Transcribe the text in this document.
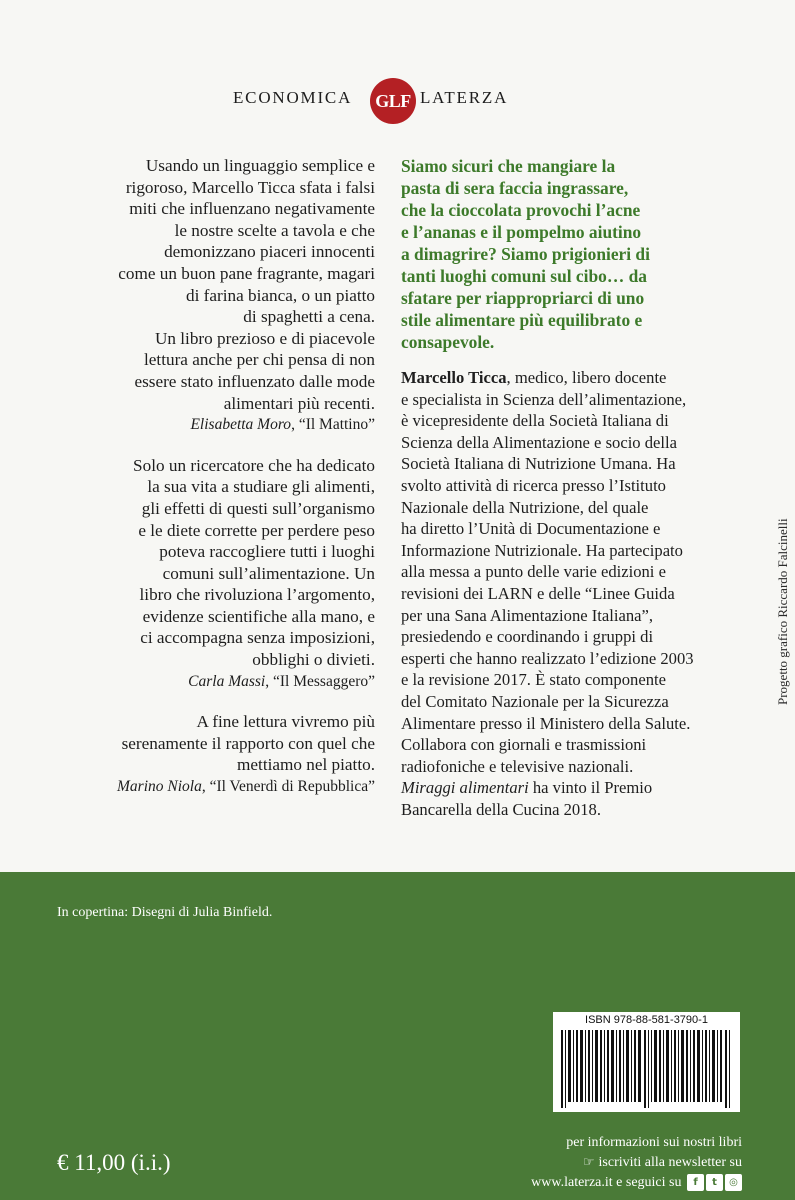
ECONOMICA GLF LATERZA

Usando un linguaggio semplice e

rigoroso, Marcello Ticca sfata i falsi

miti che influenzano negativamente

le nostre scelte a tavola e che

demonizzano piaceri innocenti

come un buon pane fragrante, magari

di farina bianca, o un piatto

di spaghetti a cena.

Un libro prezioso e di piacevole

lettura anche per chi pensa di non

essere stato influenzato dalle mode

alimentari più recenti.

Elisabetta Moro, “Il Mattino”

Solo un ricercatore che ha dedicato

la sua vita a studiare gli alimenti,

gli effetti di questi sull’organismo

e le diete corrette per perdere peso

poteva raccogliere tutti i luoghi

comuni sull’alimentazione. Un

libro che rivoluziona l’argomento,

evidenze scientifiche alla mano, e

ci accompagna senza imposizioni,

obblighi o divieti.

Carla Massi, “Il Messaggero”

A fine lettura vivremo più

serenamente il rapporto con quel che

mettiamo nel piatto.

Marino Niola, “Il Venerdì di Repubblica”

Siamo sicuri che mangiare la
pasta di sera faccia ingrassare,
che la cioccolata provochi l’acne
e l’ananas e il pompelmo aiutino
a dimagrire? Siamo prigionieri di
tanti luoghi comuni sul cibo… da
sfatare per riappropriarci di uno
stile alimentare più equilibrato e
consapevole.
Marcello Ticca, medico, libero docente
e specialista in Scienza dell’alimentazione,
è vicepresidente della Società Italiana di
Scienza della Alimentazione e socio della
Società Italiana di Nutrizione Umana. Ha
svolto attività di ricerca presso l’Istituto
Nazionale della Nutrizione, del quale
ha diretto l’Unità di Documentazione e
Informazione Nutrizionale. Ha partecipato
alla messa a punto delle varie edizioni e
revisioni dei LARN e delle “Linee Guida
per una Sana Alimentazione Italiana”,
presiedendo e coordinando i gruppi di
esperti che hanno realizzato l’edizione 2003
e la revisione 2017. È stato componente
del Comitato Nazionale per la Sicurezza
Alimentare presso il Ministero della Salute.
Collabora con giornali e trasmissioni
radiofoniche e televisive nazionali.
Miraggi alimentari ha vinto il Premio
Bancarella della Cucina 2018.
Progetto grafico Riccardo Falcinelli
In copertina: Disegni di Julia Binfield.
ISBN 978-88-581-3790-1
per informazioni sui nostri libri
☞ iscriviti alla newsletter su
www.laterza.it e seguici su f t ◎
€ 11,00 (i.i.)
